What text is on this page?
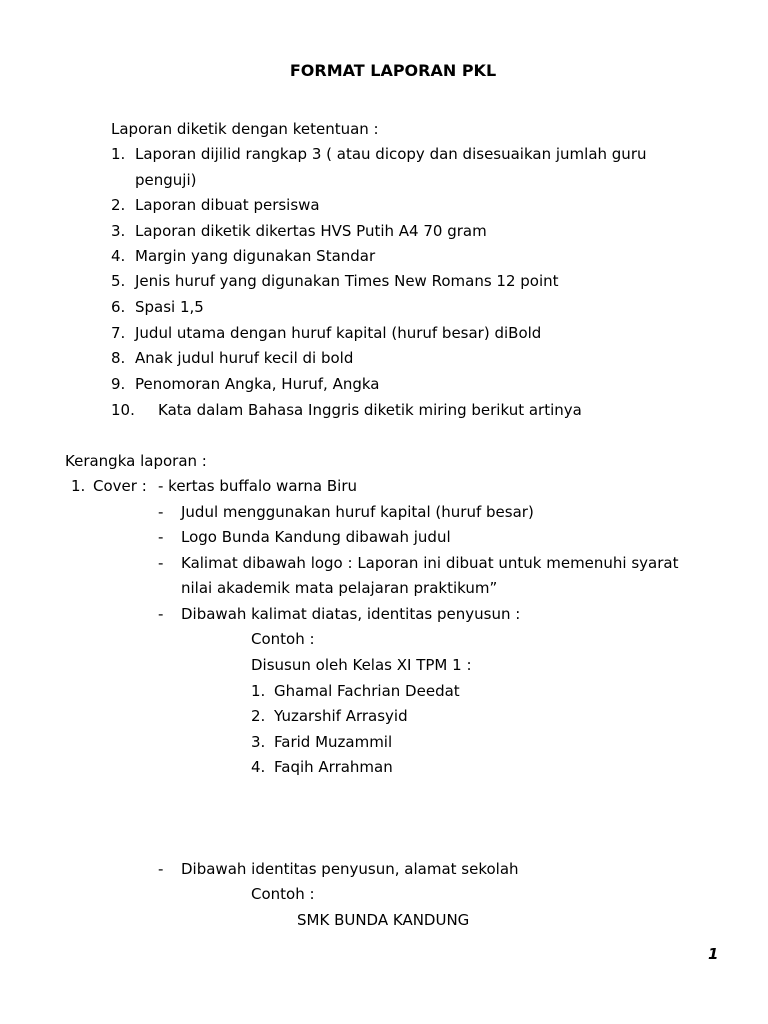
FORMAT LAPORAN PKL
Laporan diketik dengan ketentuan :
1. Laporan dijilid rangkap 3 ( atau dicopy dan disesuaikan jumlah guru
penguji)
2. Laporan dibuat persiswa
3. Laporan diketik dikertas HVS Putih A4 70 gram
4. Margin yang digunakan Standar
5. Jenis huruf yang digunakan Times New Romans 12 point
6. Spasi 1,5
7. Judul utama dengan huruf kapital (huruf besar) diBold
8. Anak judul huruf kecil di bold
9. Penomoran Angka, Huruf, Angka
10. Kata dalam Bahasa Inggris diketik miring berikut artinya
Kerangka laporan :
1. Cover : - kertas buffalo warna Biru
- Judul menggunakan huruf kapital (huruf besar)
- Logo Bunda Kandung dibawah judul
- Kalimat dibawah logo : Laporan ini dibuat untuk memenuhi syarat
nilai akademik mata pelajaran praktikum”
- Dibawah kalimat diatas, identitas penyusun :
Contoh :
Disusun oleh Kelas XI TPM 1 :
1. Ghamal Fachrian Deedat
2. Yuzarshif Arrasyid
3. Farid Muzammil
4. Faqih Arrahman
- Dibawah identitas penyusun, alamat sekolah
Contoh :
SMK BUNDA KANDUNG
1
